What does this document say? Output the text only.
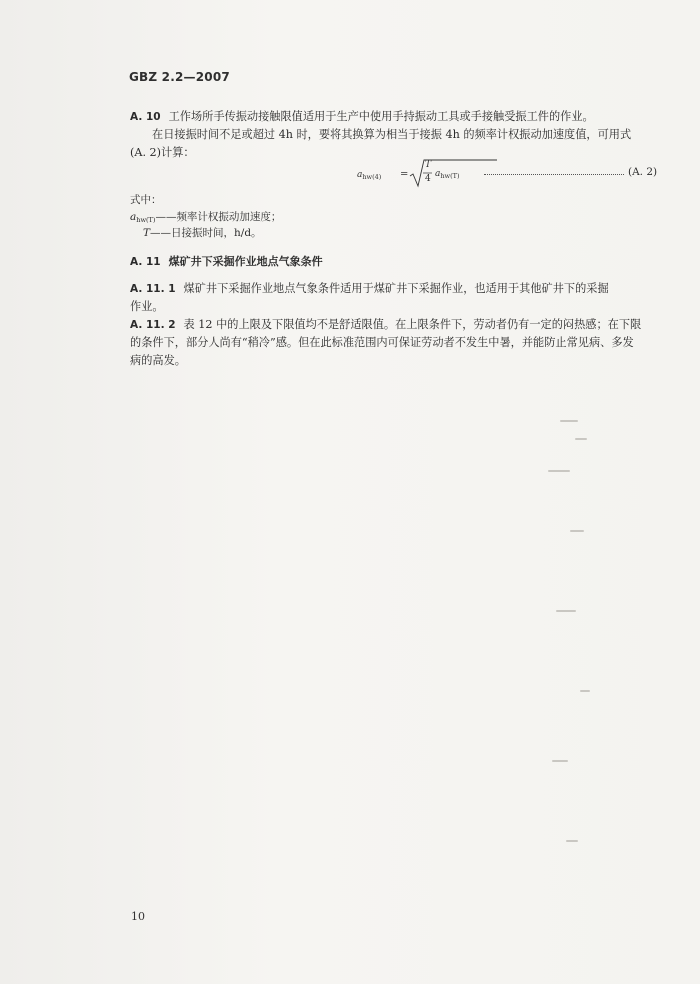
GBZ 2.2—2007
A. 10 工作场所手传振动接触限值适用于生产中使用手持振动工具或手接触受振工件的作业。
在日接振时间不足或超过 4h 时，要将其换算为相当于接振 4h 的频率计权振动加速度值，可用式
(A. 2)计算：
$a_{hw(4)}$ =
T
4 $a_{hw(T)}$	(A. 2)
式中：
$a_{hw(T)}——$频率计权振动加速度；
T——日接振时间，h/d。
A. 11 煤矿井下采掘作业地点气象条件
A. 11. 1 煤矿井下采掘作业地点气象条件适用于煤矿井下采掘作业，也适用于其他矿井下的采掘
作业。
A. 11. 2 表 12 中的上限及下限值均不是舒适限值。在上限条件下，劳动者仍有一定的闷热感；在下限
的条件下，部分人尚有“稍冷”感。但在此标准范围内可保证劳动者不发生中暑，并能防止常见病、多发
病的高发。
10
